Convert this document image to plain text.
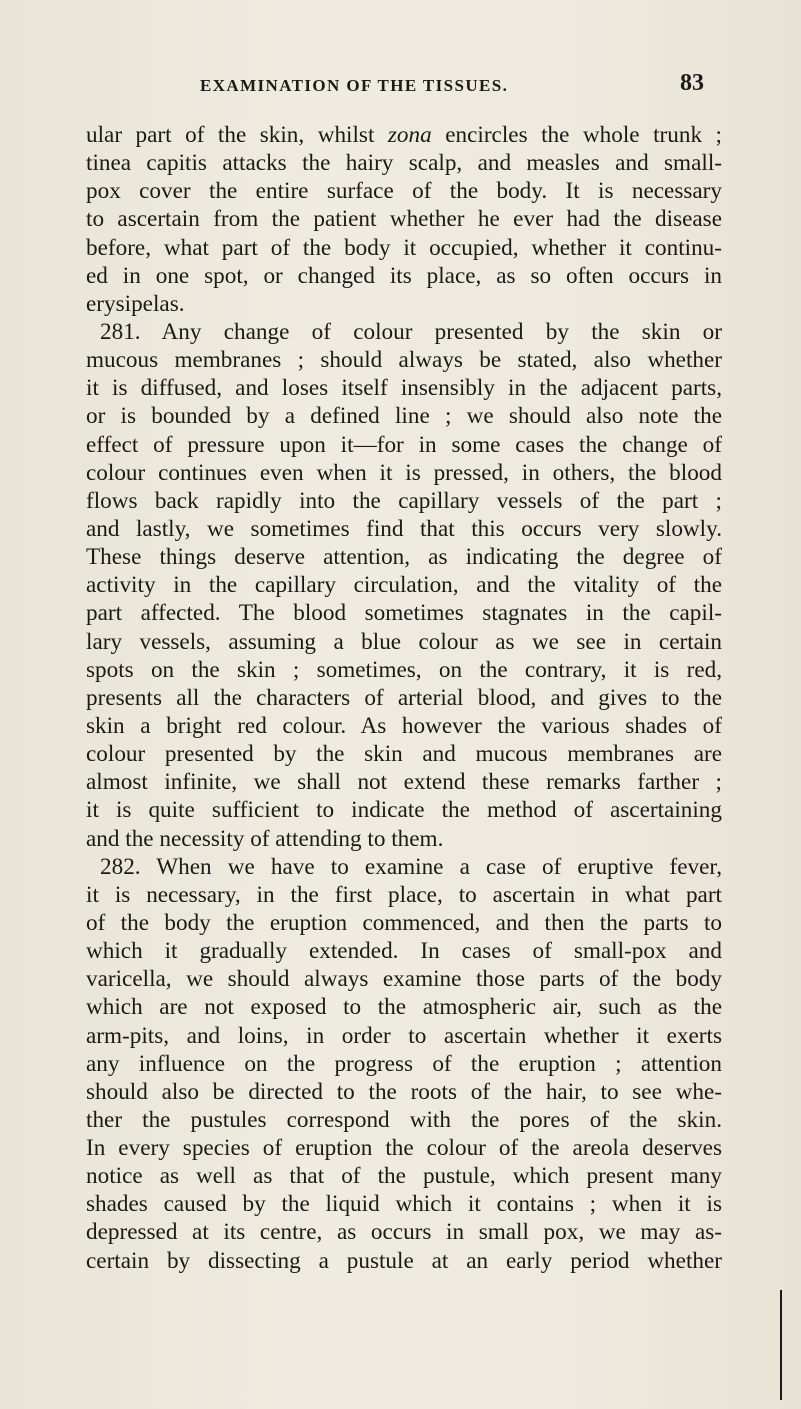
EXAMINATION OF THE TISSUES.	83
ular part of the skin, whilst zona encircles the whole trunk ;
tinea capitis attacks the hairy scalp, and measles and small-
pox cover the entire surface of the body. It is necessary
to ascertain from the patient whether he ever had the disease
before, what part of the body it occupied, whether it continu-
ed in one spot, or changed its place, as so often occurs in
erysipelas.
281. Any change of colour presented by the skin or
mucous membranes ; should always be stated, also whether
it is diffused, and loses itself insensibly in the adjacent parts,
or is bounded by a defined line ; we should also note the
effect of pressure upon it—for in some cases the change of
colour continues even when it is pressed, in others, the blood
flows back rapidly into the capillary vessels of the part ;
and lastly, we sometimes find that this occurs very slowly.
These things deserve attention, as indicating the degree of
activity in the capillary circulation, and the vitality of the
part affected. The blood sometimes stagnates in the capil-
lary vessels, assuming a blue colour as we see in certain
spots on the skin ; sometimes, on the contrary, it is red,
presents all the characters of arterial blood, and gives to the
skin a bright red colour. As however the various shades of
colour presented by the skin and mucous membranes are
almost infinite, we shall not extend these remarks farther ;
it is quite sufficient to indicate the method of ascertaining
and the necessity of attending to them.
282. When we have to examine a case of eruptive fever,
it is necessary, in the first place, to ascertain in what part
of the body the eruption commenced, and then the parts to
which it gradually extended. In cases of small-pox and
varicella, we should always examine those parts of the body
which are not exposed to the atmospheric air, such as the
arm-pits, and loins, in order to ascertain whether it exerts
any influence on the progress of the eruption ; attention
should also be directed to the roots of the hair, to see whe-
ther the pustules correspond with the pores of the skin.
In every species of eruption the colour of the areola deserves
notice as well as that of the pustule, which present many
shades caused by the liquid which it contains ; when it is
depressed at its centre, as occurs in small pox, we may as-
certain by dissecting a pustule at an early period whether
